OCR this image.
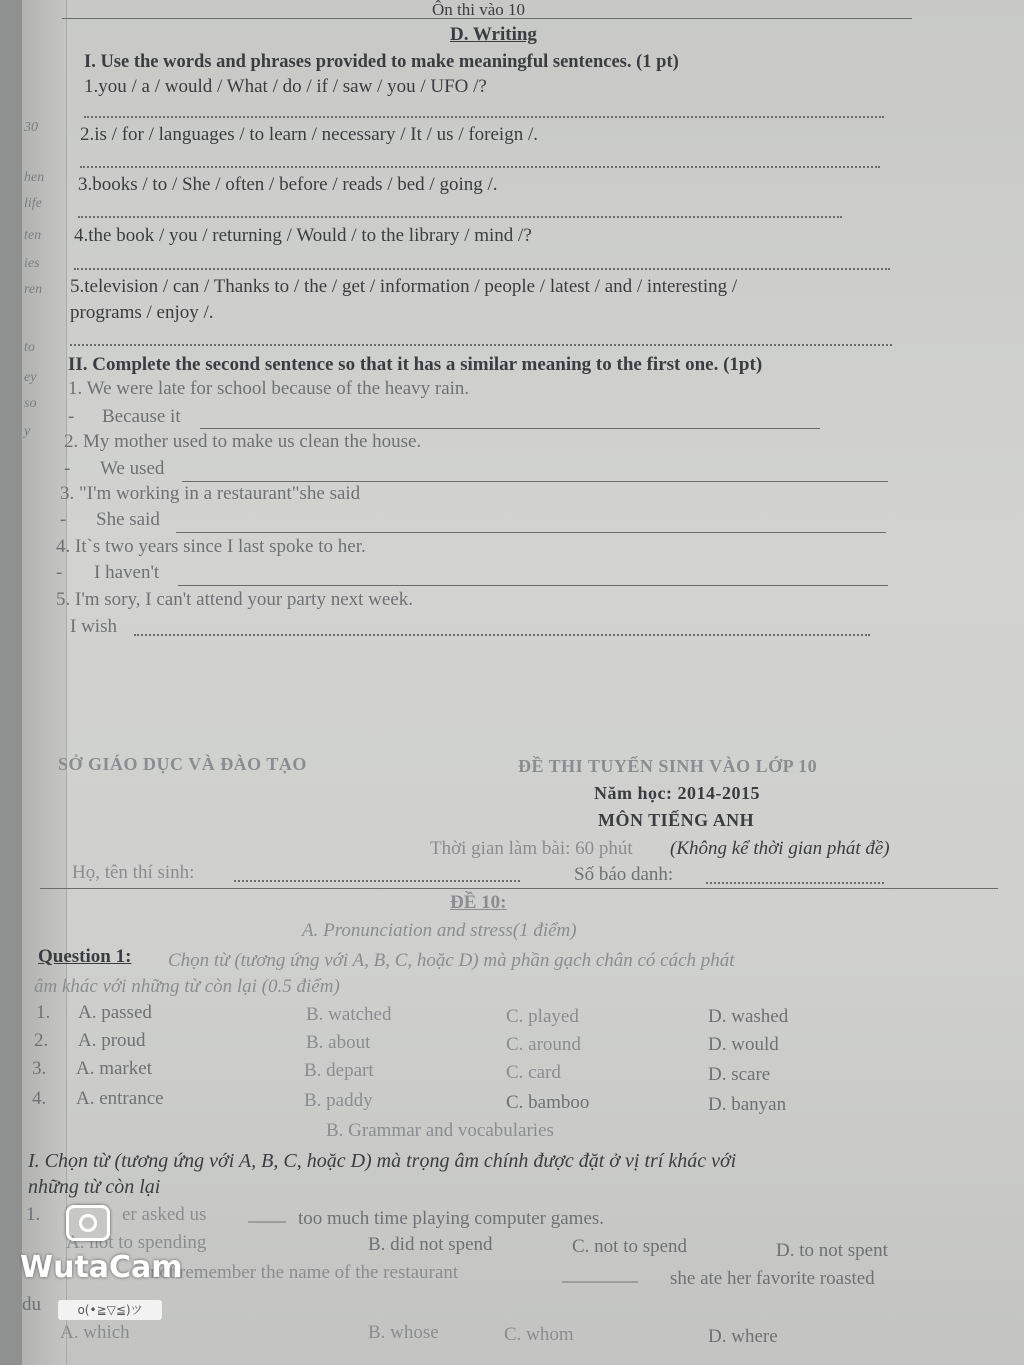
30
hen
life
ten
ies
ren
to
ey
so
y
Ôn thi vào 10
D. Writing
I. Use the words and phrases provided to make meaningful sentences. (1 pt)
1.you / a / would / What / do / if / saw / you / UFO /?
2.is / for / languages / to learn / necessary / It / us / foreign /.
3.books / to / She / often / before / reads / bed / going /.
4.the book / you / returning / Would / to the library / mind /?
5.television / can / Thanks to / the / get / information / people / latest / and / interesting /
programs / enjoy /.
II. Complete the second sentence so that it has a similar meaning to the first one. (1pt)
1. We were late for school because of the heavy rain.
- Because it
2. My mother used to make us clean the house.
- We used
3. "I'm working in a restaurant"she said
- She said
4. It`s two years since I last spoke to her.
- I haven't
5. I'm sory, I can't attend your party next week.
I wish
SỞ GIÁO DỤC VÀ ĐÀO TẠO	ĐỀ THI TUYỂN SINH VÀO LỚP 10
Năm học: 2014-2015
MÔN TIẾNG ANH
Thời gian làm bài: 60 phút (Không kể thời gian phát đề)
Họ, tên thí sinh:	Số báo danh:
ĐỀ 10:
A. Pronunciation and stress(1 điểm)
Question 1: Chọn từ (tương ứng với A, B, C, hoặc D) mà phần gạch chân có cách phát
âm khác với những từ còn lại (0.5 điểm)
1. A. passed	B. watched	C. played	D. washed
2. A. proud	B. about	C. around	D. would
3. A. market	B. depart	C. card	D. scare
4. A. entrance	B. paddy	C. bamboo	D. banyan
B. Grammar and vocabularies
I. Chọn từ (tương ứng với A, B, C, hoặc D) mà trọng âm chính được đặt ở vị trí khác với
những từ còn lại
1.	er asked us ____ too much time playing computer games.
A. not to spending	B. did not spend	C. not to spend	D. to not spent
not remember the name of the restaurant	________ she ate her favorite roasted
du
A. which	B. whose	C. whom	D. where
WutaCam
o(•≧▽≦)ツ
